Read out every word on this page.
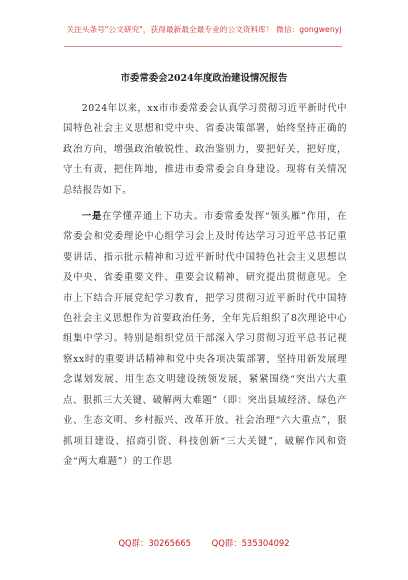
关注头条号"公文研究"，获得最新最全最专业的公文资料库！ 微信：gongwenyj
市委常委会2024年度政治建设情况报告

2024年以来，xx市市委常委会认真学习贯彻习近平新时代中国特色社会主义思想和党中央、省委决策部署，始终坚持正确的政治方向，增强政治敏锐性、政治鉴别力，要把好关，把好度，守土有责，把住阵地，推进市委常委会自身建设。现将有关情况总结报告如下。

一是在学懂弄通上下功夫。市委常委发挥“领头雁”作用，在常委会和党委理论中心组学习会上及时传达学习习近平总书记重要讲话、指示批示精神和习近平新时代中国特色社会主义思想以及中央、省委重要文件、重要会议精神，研究提出贯彻意见。全市上下结合开展党纪学习教育，把学习贯彻习近平新时代中国特色社会主义思想作为首要政治任务，全年先后组织了8次理论中心组集中学习。特别是组织党员干部深入学习贯彻习近平总书记视察xx时的重要讲话精神和党中央各项决策部署，坚持用新发展理念谋划发展、用生态文明建设统领发展，紧紧围绕“突出六大重点、狠抓三大关键、破解两大难题”（即：突出县域经济、绿色产业、生态文明、乡村振兴、改革开放、社会治理“六大重点”，狠抓项目建设、招商引资、科技创新“三大关键”，破解作风和资金“两大难题”）的工作思

QQ群：30265665 QQ群：535304092
